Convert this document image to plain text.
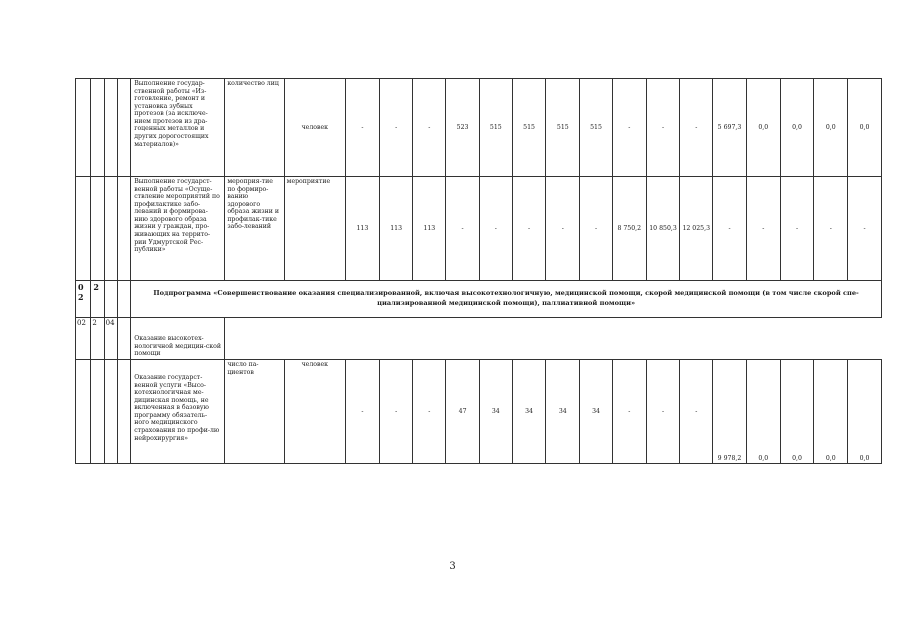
				Выполнение государ-ственной работы «Из-готовление, ремонт и установка зубных протезов (за исключе-нием протезов из дра-гоценных металлов и других дорогостоящих материалов)»	количество лиц	человек	-	-	-	523	515	515	515	515	-	-	-	5 697,3	0,0	0,0	0,0	0,0
				Выполнение государст-венной работы «Осуще-ствление мероприятий по профилактике забо-леваний и формирова-нию здорового образа жизни у граждан, про-живающих на террито-рии Удмуртской Рес-публики»	мероприя-тие по формиро-ванию здорового образа жизни и профилак-тике забо-леваний	мероприятие	113	113	113	-	-	-	-	-	8 750,2	10 850,3	12 025,3	-	-	-	-	-
02	2			Подпрограмма «Совершенствование оказания специализированной, включая высокотехнологичную, медицинской помощи, скорой медицинской помощи (в том числе скорой спе-циализированной медицинской помощи), паллиативной помощи»																		
02	2	04		Оказание высокотех-нологичной медицин-ской помощи																		
				Оказание государст-венной услуги «Высо-котехнологичная ме-дицинская помощь, не включенная в базовую программу обязатель-ного медицинского страхования по профи-лю нейрохирургия»	число па-циентов	человек	-	-	-	47	34	34	34	34	-	-	-	9 978,2	0,0	0,0	0,0	0,0
3
